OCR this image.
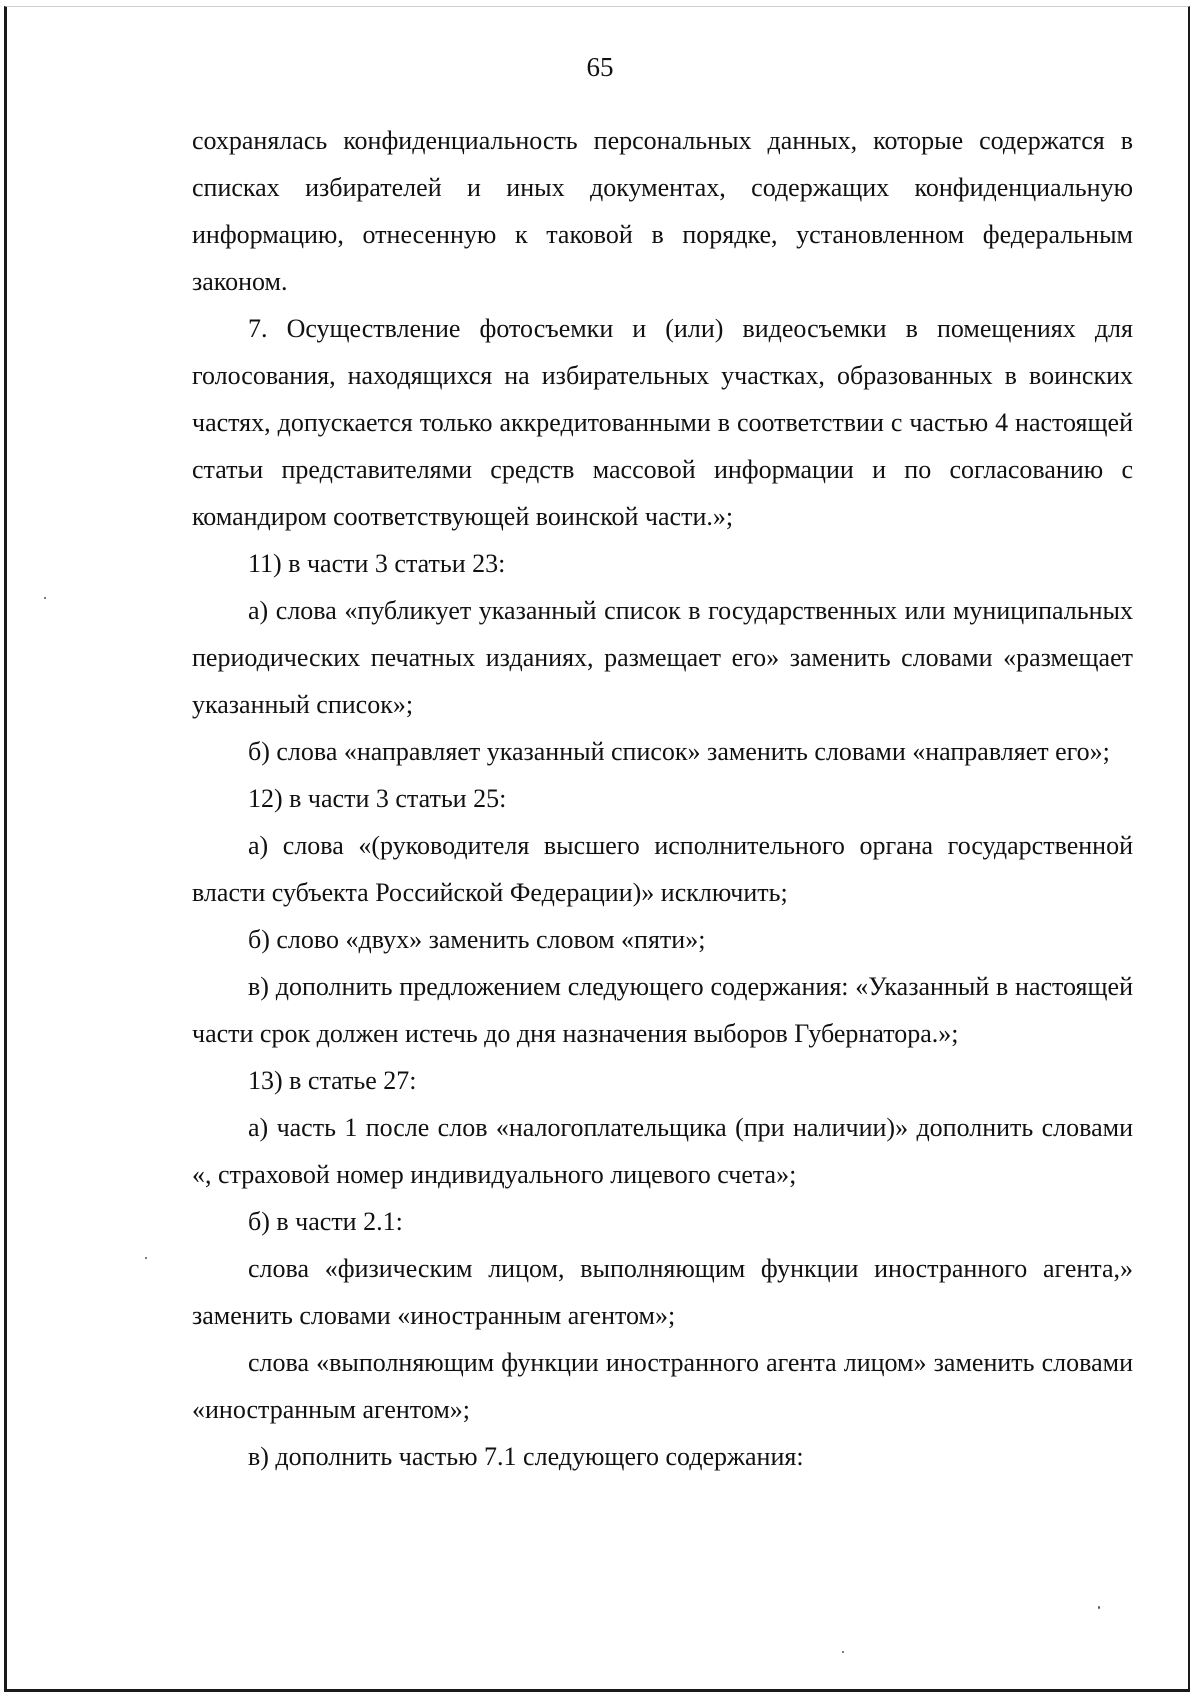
65

сохранялась конфиденциальность персональных данных, которые содержатся в списках избирателей и иных документах, содержащих конфиденциальную информацию, отнесенную к таковой в порядке, установленном федеральным законом.

7. Осуществление фотосъемки и (или) видеосъемки в помещениях для голосования, находящихся на избирательных участках, образованных в воинских частях, допускается только аккредитованными в соответствии с частью 4 настоящей статьи представителями средств массовой информации и по согласованию с командиром соответствующей воинской части.»;

11) в части 3 статьи 23:

а) слова «публикует указанный список в государственных или муниципальных периодических печатных изданиях, размещает его» заменить словами «размещает указанный список»;

б) слова «направляет указанный список» заменить словами «направляет его»;

12) в части 3 статьи 25:

а) слова «(руководителя высшего исполнительного органа государственной власти субъекта Российской Федерации)» исключить;

б) слово «двух» заменить словом «пяти»;

в) дополнить предложением следующего содержания: «Указанный в настоящей части срок должен истечь до дня назначения выборов Губернатора.»;

13) в статье 27:

а) часть 1 после слов «налогоплательщика (при наличии)» дополнить словами «, страховой номер индивидуального лицевого счета»;

б) в части 2.1:

слова «физическим лицом, выполняющим функции иностранного агента,» заменить словами «иностранным агентом»;

слова «выполняющим функции иностранного агента лицом» заменить словами «иностранным агентом»;

в) дополнить частью 7.1 следующего содержания:
